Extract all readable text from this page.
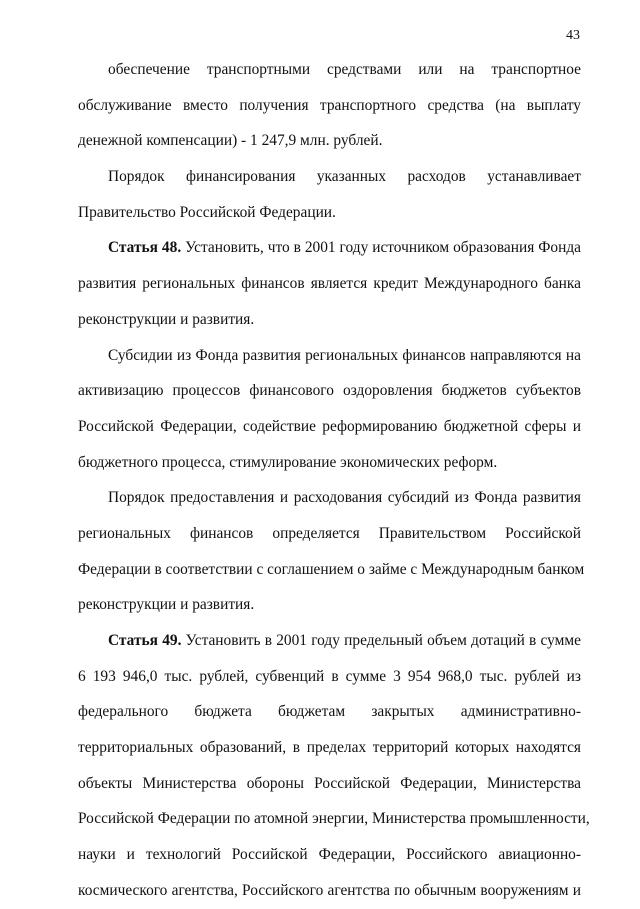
43
обеспечение транспортными средствами или на транспортное
обслуживание вместо получения транспортного средства (на выплату
денежной компенсации) - 1 247,9 млн. рублей.
Порядок финансирования указанных расходов устанавливает
Правительство Российской Федерации.
Статья 48. Установить, что в 2001 году источником образования Фонда
развития региональных финансов является кредит Международного банка
реконструкции и развития.
Субсидии из Фонда развития региональных финансов направляются на
активизацию процессов финансового оздоровления бюджетов субъектов
Российской Федерации, содействие реформированию бюджетной сферы и
бюджетного процесса, стимулирование экономических реформ.
Порядок предоставления и расходования субсидий из Фонда развития
региональных финансов определяется Правительством Российской
Федерации в соответствии с соглашением о займе с Международным банком
реконструкции и развития.
Статья 49. Установить в 2001 году предельный объем дотаций в сумме
6 193 946,0 тыс. рублей, субвенций в сумме 3 954 968,0 тыс. рублей из
федерального бюджета бюджетам закрытых административно-
территориальных образований, в пределах территорий которых находятся
объекты Министерства обороны Российской Федерации, Министерства
Российской Федерации по атомной энергии, Министерства промышленности,
науки и технологий Российской Федерации, Российского авиационно-
космического агентства, Российского агентства по обычным вооружениям и
